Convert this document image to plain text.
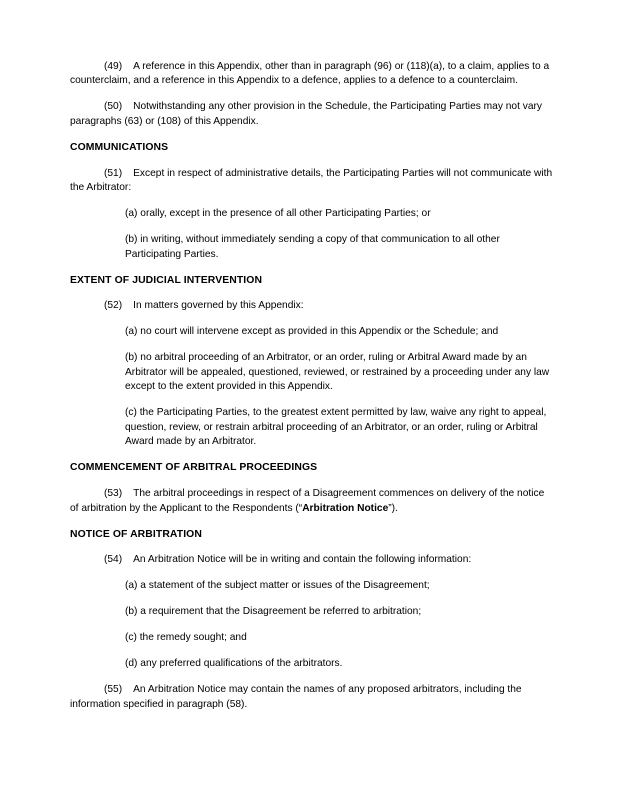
(49) A reference in this Appendix, other than in paragraph (96) or (118)(a), to a claim, applies to a counterclaim, and a reference in this Appendix to a defence, applies to a defence to a counterclaim.

(50) Notwithstanding any other provision in the Schedule, the Participating Parties may not vary paragraphs (63) or (108) of this Appendix.

COMMUNICATIONS

(51) Except in respect of administrative details, the Participating Parties will not communicate with the Arbitrator:

(a) orally, except in the presence of all other Participating Parties; or

(b) in writing, without immediately sending a copy of that communication to all other Participating Parties.

EXTENT OF JUDICIAL INTERVENTION

(52) In matters governed by this Appendix:

(a) no court will intervene except as provided in this Appendix or the Schedule; and

(b) no arbitral proceeding of an Arbitrator, or an order, ruling or Arbitral Award made by an Arbitrator will be appealed, questioned, reviewed, or restrained by a proceeding under any law except to the extent provided in this Appendix.

(c) the Participating Parties, to the greatest extent permitted by law, waive any right to appeal, question, review, or restrain arbitral proceeding of an Arbitrator, or an order, ruling or Arbitral Award made by an Arbitrator.

COMMENCEMENT OF ARBITRAL PROCEEDINGS

(53) The arbitral proceedings in respect of a Disagreement commences on delivery of the notice of arbitration by the Applicant to the Respondents (“Arbitration Notice”).

NOTICE OF ARBITRATION

(54) An Arbitration Notice will be in writing and contain the following information:

(a) a statement of the subject matter or issues of the Disagreement;

(b) a requirement that the Disagreement be referred to arbitration;

(c) the remedy sought; and

(d) any preferred qualifications of the arbitrators.

(55) An Arbitration Notice may contain the names of any proposed arbitrators, including the information specified in paragraph (58).
